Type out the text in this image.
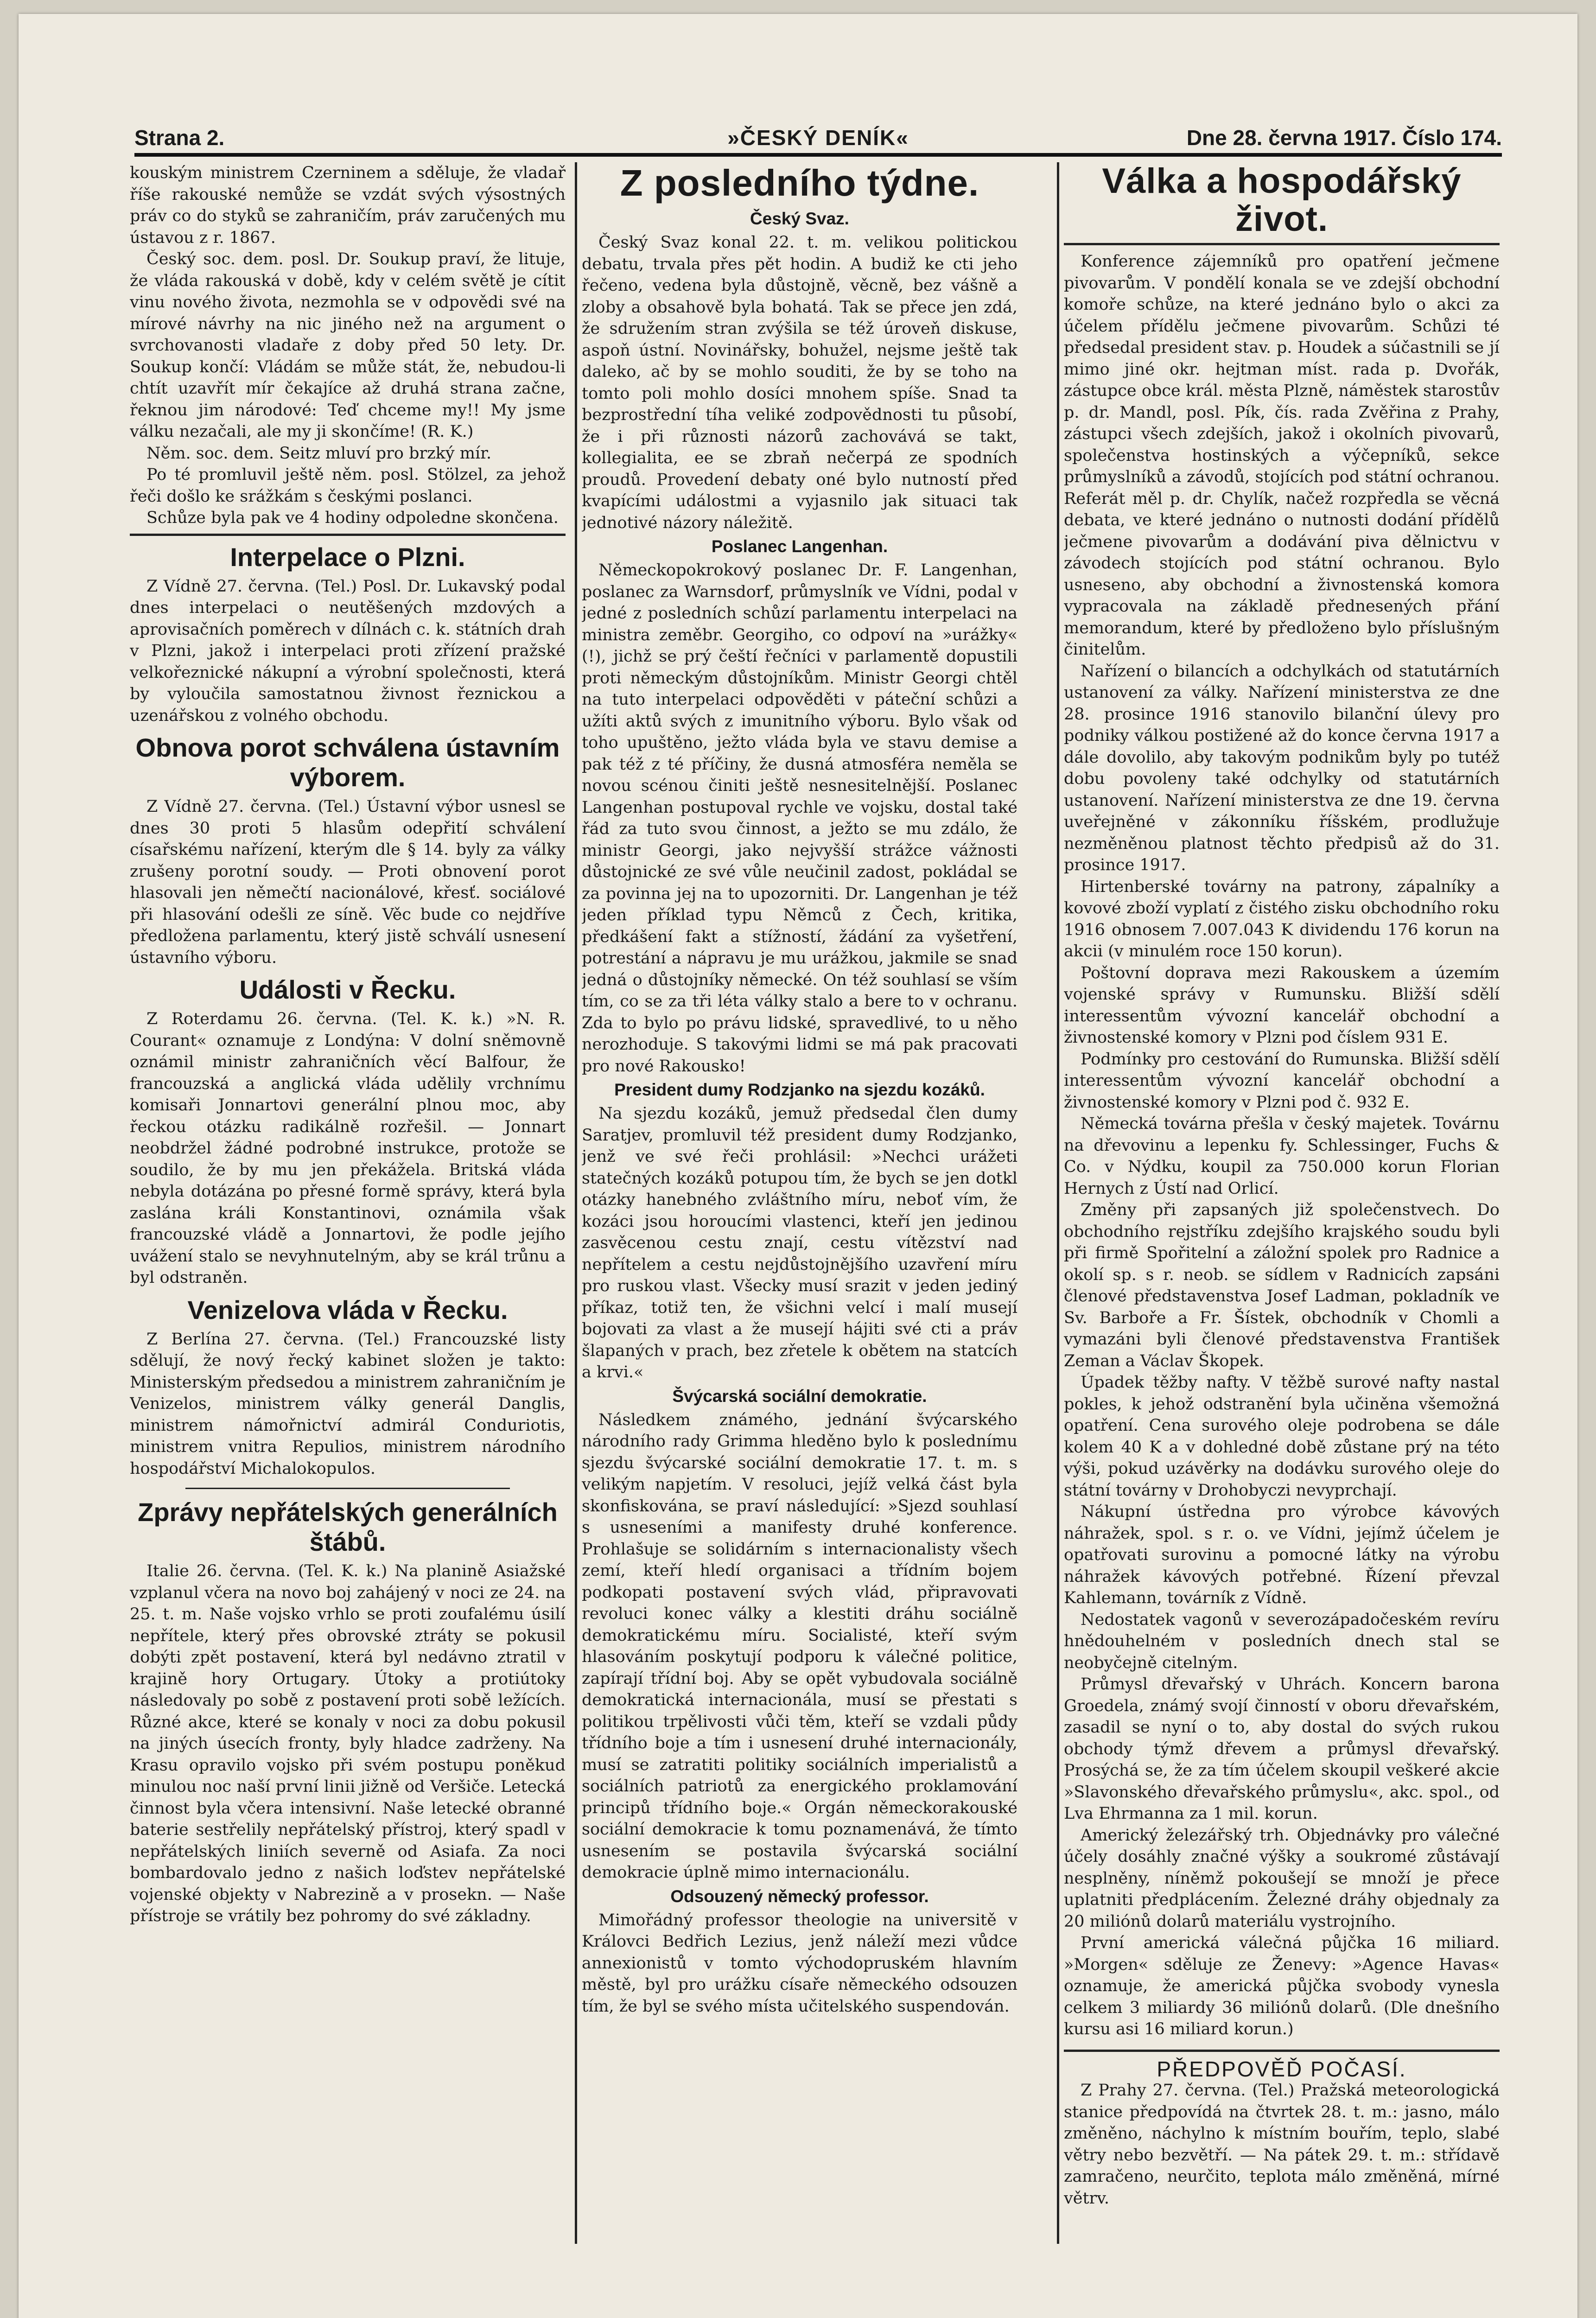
Strana 2.	»ČESKÝ DENÍK«	Dne 28. června 1917. Číslo 174.

kouským ministrem Czerninem a sděluje, že vladař říše rakouské nemůže se vzdát svých výsostných práv co do styků se zahraničím, práv zaručených mu ústavou z r. 1867.

Český soc. dem. posl. Dr. Soukup praví, že lituje, že vláda rakouská v době, kdy v celém světě je cítit vinu nového života, nezmohla se v odpovědi své na mírové návrhy na nic jiného než na argument o svrchovanosti vladaře z doby před 50 lety. Dr. Soukup končí: Vládám se může stát, že, nebudou-li chtít uzavřít mír čekajíce až druhá strana začne, řeknou jim národové: Teď chceme my!! My jsme válku nezačali, ale my ji skončíme! (R. K.)

Něm. soc. dem. Seitz mluví pro brzký mír.

Po té promluvil ještě něm. posl. Stölzel, za jehož řeči došlo ke srážkám s českými poslanci.

Schůze byla pak ve 4 hodiny odpoledne skončena.

Interpelace o Plzni.

Z Vídně 27. června. (Tel.) Posl. Dr. Lukavský podal dnes interpelaci o neutěšených mzdových a aprovisačních poměrech v dílnách c. k. státních drah v Plzni, jakož i interpelaci proti zřízení pražské velkořeznické nákupní a výrobní společnosti, která by vyloučila samostatnou živnost řeznickou a uzenářskou z volného obchodu.

Obnova porot schválena ústavním výborem.

Z Vídně 27. června. (Tel.) Ústavní výbor usnesl se dnes 30 proti 5 hlasům odepřití schválení císařskému nařízení, kterým dle § 14. byly za války zrušeny porotní soudy. — Proti obnovení porot hlasovali jen němečtí nacionálové, křesť. sociálové při hlasování odešli ze síně. Věc bude co nejdříve předložena parlamentu, který jistě schválí usnesení ústavního výboru.

Události v Řecku.

Z Roterdamu 26. června. (Tel. K. k.) »N. R. Courant« oznamuje z Londýna: V dolní sněmovně oznámil ministr zahraničních věcí Balfour, že francouzská a anglická vláda udělily vrchnímu komisaři Jonnartovi generální plnou moc, aby řeckou otázku radikálně rozřešil. — Jonnart neobdržel žádné podrobné instrukce, protože se soudilo, že by mu jen překážela. Britská vláda nebyla dotázána po přesné formě správy, která byla zaslána králi Konstantinovi, oznámila však francouzské vládě a Jonnartovi, že podle jejího uvážení stalo se nevyhnutelným, aby se král trůnu a byl odstraněn.

Venizelova vláda v Řecku.

Z Berlína 27. června. (Tel.) Francouzské listy sdělují, že nový řecký kabinet složen je takto: Ministerským předsedou a ministrem zahraničním je Venizelos, ministrem války generál Danglis, ministrem námořnictví admirál Conduriotis, ministrem vnitra Repulios, ministrem národního hospodářství Michalokopulos.

Zprávy nepřátelských generálních štábů.

Italie 26. června. (Tel. K. k.) Na planině Asiažské vzplanul včera na novo boj zahájený v noci ze 24. na 25. t. m. Naše vojsko vrhlo se proti zoufalému úsilí nepřítele, který přes obrovské ztráty se pokusil dobýti zpět postavení, která byl nedávno ztratil v krajině hory Ortugary. Útoky a protiútoky následovaly po sobě z postavení proti sobě ležících. Různé akce, které se konaly v noci za dobu pokusil na jiných úsecích fronty, byly hladce zadrženy. Na Krasu opravilo vojsko při svém postupu poněkud minulou noc naší první linii jižně od Veršiče. Letecká činnost byla včera intensivní. Naše letecké obranné baterie sestřelily nepřátelský přístroj, který spadl v nepřátelských liniích severně od Asiafa. Za noci bombardovalo jedno z našich loďstev nepřátelské vojenské objekty v Nabrezině a v prosekn. — Naše přístroje se vrátily bez pohromy do své základny.

Z posledního týdne.
Český Svaz.

Český Svaz konal 22. t. m. velikou politickou debatu, trvala přes pět hodin. A budiž ke cti jeho řečeno, vedena byla důstojně, věcně, bez vášně a zloby a obsahově byla bohatá. Tak se přece jen zdá, že sdružením stran zvýšila se též úroveň diskuse, aspoň ústní. Novinářsky, bohužel, nejsme ještě tak daleko, ač by se mohlo souditi, že by se toho na tomto poli mohlo dosíci mnohem spíše. Snad ta bezprostřední tíha veliké zodpovědnosti tu působí, že i při různosti názorů zachovává se takt, kollegialita, ee se zbraň nečerpá ze spodních proudů. Provedení debaty oné bylo nutností před kvapícími událostmi a vyjasnilo jak situaci tak jednotivé názory náležitě.

Poslanec Langenhan.

Německopokrokový poslanec Dr. F. Langenhan, poslanec za Warnsdorf, průmyslník ve Vídni, podal v jedné z posledních schůzí parlamentu interpelaci na ministra zeměbr. Georgiho, co odpoví na »urážky« (!), jichž se prý čeští řečníci v parlamentě dopustili proti německým důstojníkům. Ministr Georgi chtěl na tuto interpelaci odpověděti v páteční schůzi a užíti aktů svých z imunitního výboru. Bylo však od toho upuštěno, ježto vláda byla ve stavu demise a pak též z té příčiny, že dusná atmosféra neměla se novou scénou činiti ještě nesnesitelnější. Poslanec Langenhan postupoval rychle ve vojsku, dostal také řád za tuto svou činnost, a ježto se mu zdálo, že ministr Georgi, jako nejvyšší strážce vážnosti důstojnické ze své vůle neučinil zadost, pokládal se za povinna jej na to upozorniti. Dr. Langenhan je též jeden příklad typu Němců z Čech, kritika, předkášení fakt a stížností, žádání za vyšetření, potrestání a nápravu je mu urážkou, jakmile se snad jedná o důstojníky německé. On též souhlasí se vším tím, co se za tři léta války stalo a bere to v ochranu. Zda to bylo po právu lidské, spravedlivé, to u něho nerozhoduje. S takovými lidmi se má pak pracovati pro nové Rakousko!

President dumy Rodzjanko na sjezdu kozáků.

Na sjezdu kozáků, jemuž předsedal člen dumy Saratjev, promluvil též president dumy Rodzjanko, jenž ve své řeči prohlásil: »Nechci urážeti statečných kozáků potupou tím, že bych se jen dotkl otázky hanebného zvláštního míru, neboť vím, že kozáci jsou horoucími vlastenci, kteří jen jedinou zasvěcenou cestu znají, cestu vítězství nad nepřítelem a cestu nejdůstojnějšího uzavření míru pro ruskou vlast. Všecky musí srazit v jeden jediný příkaz, totiž ten, že všichni velcí i malí musejí bojovati za vlast a že musejí hájiti své cti a práv šlapaných v prach, bez zřetele k obětem na statcích a krvi.«

Švýcarská sociální demokratie.

Následkem známého, jednání švýcarského národního rady Grimma hleděno bylo k poslednímu sjezdu švýcarské sociální demokratie 17. t. m. s velikým napjetím. V resoluci, jejíž velká část byla skonfiskována, se praví následující: »Sjezd souhlasí s usneseními a manifesty druhé konference. Prohlašuje se solidárním s internacionalisty všech zemí, kteří hledí organisaci a třídním bojem podkopati postavení svých vlád, připravovati revoluci konec války a klestiti dráhu sociálně demokratickému míru. Socialisté, kteří svým hlasováním poskytují podporu k válečné politice, zapírají třídní boj. Aby se opět vybudovala sociálně demokratická internacionála, musí se přestati s politikou trpělivosti vůči těm, kteří se vzdali půdy třídního boje a tím i usnesení druhé internacionály, musí se zatratiti politiky sociálních imperialistů a sociálních patriotů za energického proklamování principů třídního boje.« Orgán německorakouské sociální demokracie k tomu poznamenává, že tímto usnesením se postavila švýcarská sociální demokracie úplně mimo internacionálu.

Odsouzený německý professor.

Mimořádný professor theologie na universitě v Královci Bedřich Lezius, jenž náleží mezi vůdce annexionistů v tomto východopruském hlavním městě, byl pro urážku císaře německého odsouzen tím, že byl se svého místa učitelského suspendován.

Válka a hospodářský život.

Konference zájemníků pro opatření ječmene pivovarům. V pondělí konala se ve zdejší obchodní komoře schůze, na které jednáno bylo o akci za účelem přídělu ječmene pivovarům. Schůzi té předsedal president stav. p. Houdek a súčastnili se jí mimo jiné okr. hejtman míst. rada p. Dvořák, zástupce obce král. města Plzně, náměstek starostův p. dr. Mandl, posl. Pík, čís. rada Zvěřina z Prahy, zástupci všech zdejších, jakož i okolních pivovarů, společenstva hostinských a výčepníků, sekce průmyslníků a závodů, stojících pod státní ochranou. Referát měl p. dr. Chylík, načež rozpředla se věcná debata, ve které jednáno o nutnosti dodání přídělů ječmene pivovarům a dodávání piva dělnictvu v závodech stojících pod státní ochranou. Bylo usneseno, aby obchodní a živnostenská komora vypracovala na základě přednesených přání memorandum, které by předloženo bylo příslušným činitelům.

Nařízení o bilancích a odchylkách od statutárních ustanovení za války. Nařízení ministerstva ze dne 28. prosince 1916 stanovilo bilanční úlevy pro podniky válkou postižené až do konce června 1917 a dále dovolilo, aby takovým podnikům byly po tutéž dobu povoleny také odchylky od statutárních ustanovení. Nařízení ministerstva ze dne 19. června uveřejněné v zákonníku říšském, prodlužuje nezměněnou platnost těchto předpisů až do 31. prosince 1917.

Hirtenberské továrny na patrony, zápalníky a kovové zboží vyplatí z čistého zisku obchodního roku 1916 obnosem 7.007.043 K dividendu 176 korun na akcii (v minulém roce 150 korun).

Poštovní doprava mezi Rakouskem a územím vojenské správy v Rumunsku. Bližší sdělí interessentům vývozní kancelář obchodní a živnostenské komory v Plzni pod číslem 931 E.

Podmínky pro cestování do Rumunska. Bližší sdělí interessentům vývozní kancelář obchodní a živnostenské komory v Plzni pod č. 932 E.

Německá továrna přešla v český majetek. Továrnu na dřevovinu a lepenku fy. Schlessinger, Fuchs & Co. v Nýdku, koupil za 750.000 korun Florian Hernych z Ústí nad Orlicí.

Změny při zapsaných již společenstvech. Do obchodního rejstříku zdejšího krajského soudu byli při firmě Spořitelní a záložní spolek pro Radnice a okolí sp. s r. neob. se sídlem v Radnicích zapsáni členové představenstva Josef Ladman, pokladník ve Sv. Barboře a Fr. Šístek, obchodník v Chomli a vymazáni byli členové představenstva František Zeman a Václav Škopek.

Úpadek těžby nafty. V těžbě surové nafty nastal pokles, k jehož odstranění byla učiněna všemožná opatření. Cena surového oleje podrobena se dále kolem 40 K a v dohledné době zůstane prý na této výši, pokud uzávěrky na dodávku surového oleje do státní továrny v Drohobyczi nevyprchají.

Nákupní ústředna pro výrobce kávových náhražek, spol. s r. o. ve Vídni, jejímž účelem je opatřovati surovinu a pomocné látky na výrobu náhražek kávových potřebné. Řízení převzal Kahlemann, továrník z Vídně.

Nedostatek vagonů v severozápadočeském revíru hnědouhelném v posledních dnech stal se neobyčejně citelným.

Průmysl dřevařský v Uhrách. Koncern barona Groedela, známý svojí činností v oboru dřevařském, zasadil se nyní o to, aby dostal do svých rukou obchody týmž dřevem a průmysl dřevařský. Prosýchá se, že za tím účelem skoupil veškeré akcie »Slavonského dřevařského průmyslu«, akc. spol., od Lva Ehrmanna za 1 mil. korun.

Americký železářský trh. Objednávky pro válečné účely dosáhly značné výšky a soukromé zůstávají nesplněny, níněmž pokoušejí se množí je přece uplatniti předplácením. Železné dráhy objednaly za 20 miliónů dolarů materiálu vystrojního.

První americká válečná půjčka 16 miliard. »Morgen« sděluje ze Ženevy: »Agence Havas« oznamuje, že americká půjčka svobody vynesla celkem 3 miliardy 36 miliónů dolarů. (Dle dnešního kursu asi 16 miliard korun.)

PŘEDPOVĚĎ POČASÍ.

Z Prahy 27. června. (Tel.) Pražská meteorologická stanice předpovídá na čtvrtek 28. t. m.: jasno, málo změněno, náchylno k místním bouřím, teplo, slabé větry nebo bezvětří. — Na pátek 29. t. m.: střídavě zamračeno, neurčito, teplota málo změněná, mírné větrv.
